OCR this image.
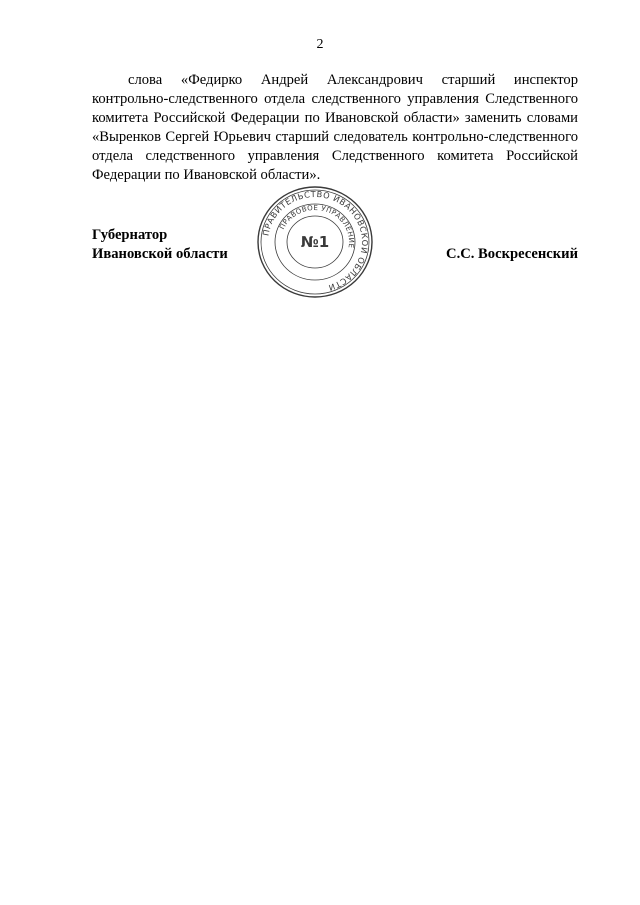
2

слова «Федирко Андрей Александрович старший инспектор контрольно-следственного отдела следственного управления Следственного комитета Российской Федерации по Ивановской области» заменить словами «Выренков Сергей Юрьевич старший следователь контрольно-следственного отдела следственного управления Следственного комитета Российской Федерации по Ивановской области».

Губернатор
Ивановской области
ПРАВИТЕЛЬСТВО ИВАНОВСКОЙ ОБЛАСТИ
ПРАВОВОЕ УПРАВЛЕНИЕ
№1
С.С. Воскресенский
